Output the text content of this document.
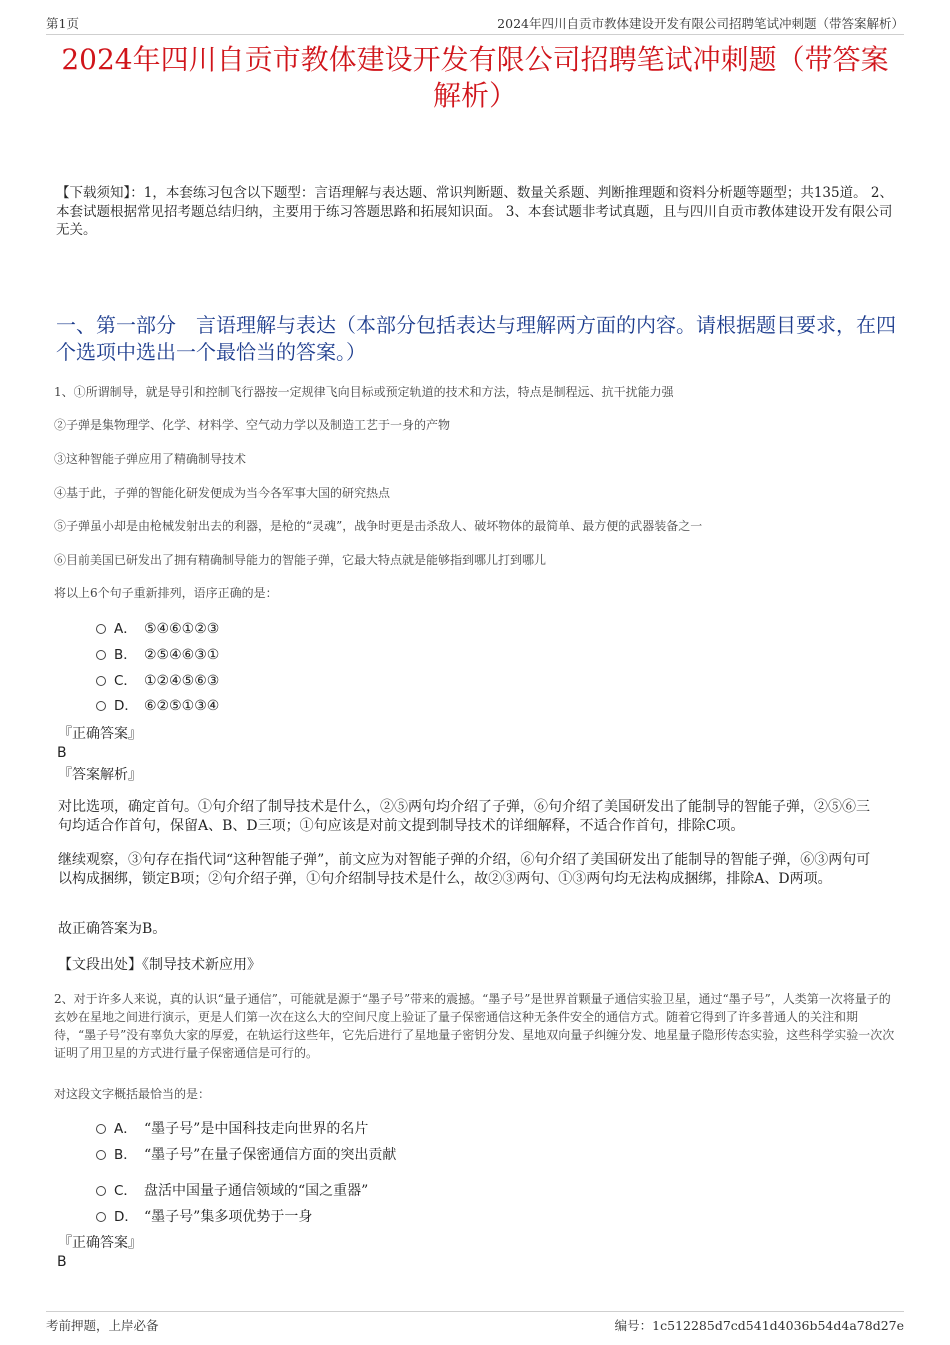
第1页	2024年四川自贡市教体建设开发有限公司招聘笔试冲刺题（带答案解析）
2024年四川自贡市教体建设开发有限公司招聘笔试冲刺题（带答案解析）
【下载须知】：1，本套练习包含以下题型：言语理解与表达题、常识判断题、数量关系题、判断推理题和资料分析题等题型；共135道。 2、本套试题根据常见招考题总结归纳，主要用于练习答题思路和拓展知识面。 3、本套试题非考试真题，且与四川自贡市教体建设开发有限公司无关。
一、第一部分　言语理解与表达（本部分包括表达与理解两方面的内容。请根据题目要求，在四个选项中选出一个最恰当的答案。）
1、①所谓制导，就是导引和控制飞行器按一定规律飞向目标或预定轨道的技术和方法，特点是制程远、抗干扰能力强
②子弹是集物理学、化学、材料学、空气动力学以及制造工艺于一身的产物
③这种智能子弹应用了精确制导技术
④基于此，子弹的智能化研发便成为当今各军事大国的研究热点
⑤子弹虽小却是由枪械发射出去的利器，是枪的“灵魂”，战争时更是击杀敌人、破坏物体的最简单、最方便的武器装备之一
⑥目前美国已研发出了拥有精确制导能力的智能子弹，它最大特点就是能够指到哪儿打到哪儿
将以上6个句子重新排列，语序正确的是：
A． ⑤④⑥①②③
B． ②⑤④⑥③①
C． ①②④⑤⑥③
D． ⑥②⑤①③④
『正确答案』
B
『答案解析』
对比选项，确定首句。①句介绍了制导技术是什么，②⑤两句均介绍了子弹，⑥句介绍了美国研发出了能制导的智能子弹，②⑤⑥三句均适合作首句，保留A、B、D三项；①句应该是对前文提到制导技术的详细解释，不适合作首句，排除C项。
继续观察，③句存在指代词“这种智能子弹”，前文应为对智能子弹的介绍，⑥句介绍了美国研发出了能制导的智能子弹，⑥③两句可以构成捆绑，锁定B项；②句介绍子弹，①句介绍制导技术是什么，故②③两句、①③两句均无法构成捆绑，排除A、D两项。
故正确答案为B。
【文段出处】《制导技术新应用》
2、对于许多人来说，真的认识“量子通信”，可能就是源于“墨子号”带来的震撼。“墨子号”是世界首颗量子通信实验卫星，通过“墨子号”，人类第一次将量子的玄妙在星地之间进行演示，更是人们第一次在这么大的空间尺度上验证了量子保密通信这种无条件安全的通信方式。随着它得到了许多普通人的关注和期待，“墨子号”没有辜负大家的厚爱，在轨运行这些年，它先后进行了星地量子密钥分发、星地双向量子纠缠分发、地星量子隐形传态实验，这些科学实验一次次证明了用卫星的方式进行量子保密通信是可行的。
对这段文字概括最恰当的是：
A． “墨子号”是中国科技走向世界的名片
B． “墨子号”在量子保密通信方面的突出贡献
C． 盘活中国量子通信领域的“国之重器”
D． “墨子号”集多项优势于一身
『正确答案』
B
考前押题，上岸必备	编号：1c512285d7cd541d4036b54d4a78d27e
